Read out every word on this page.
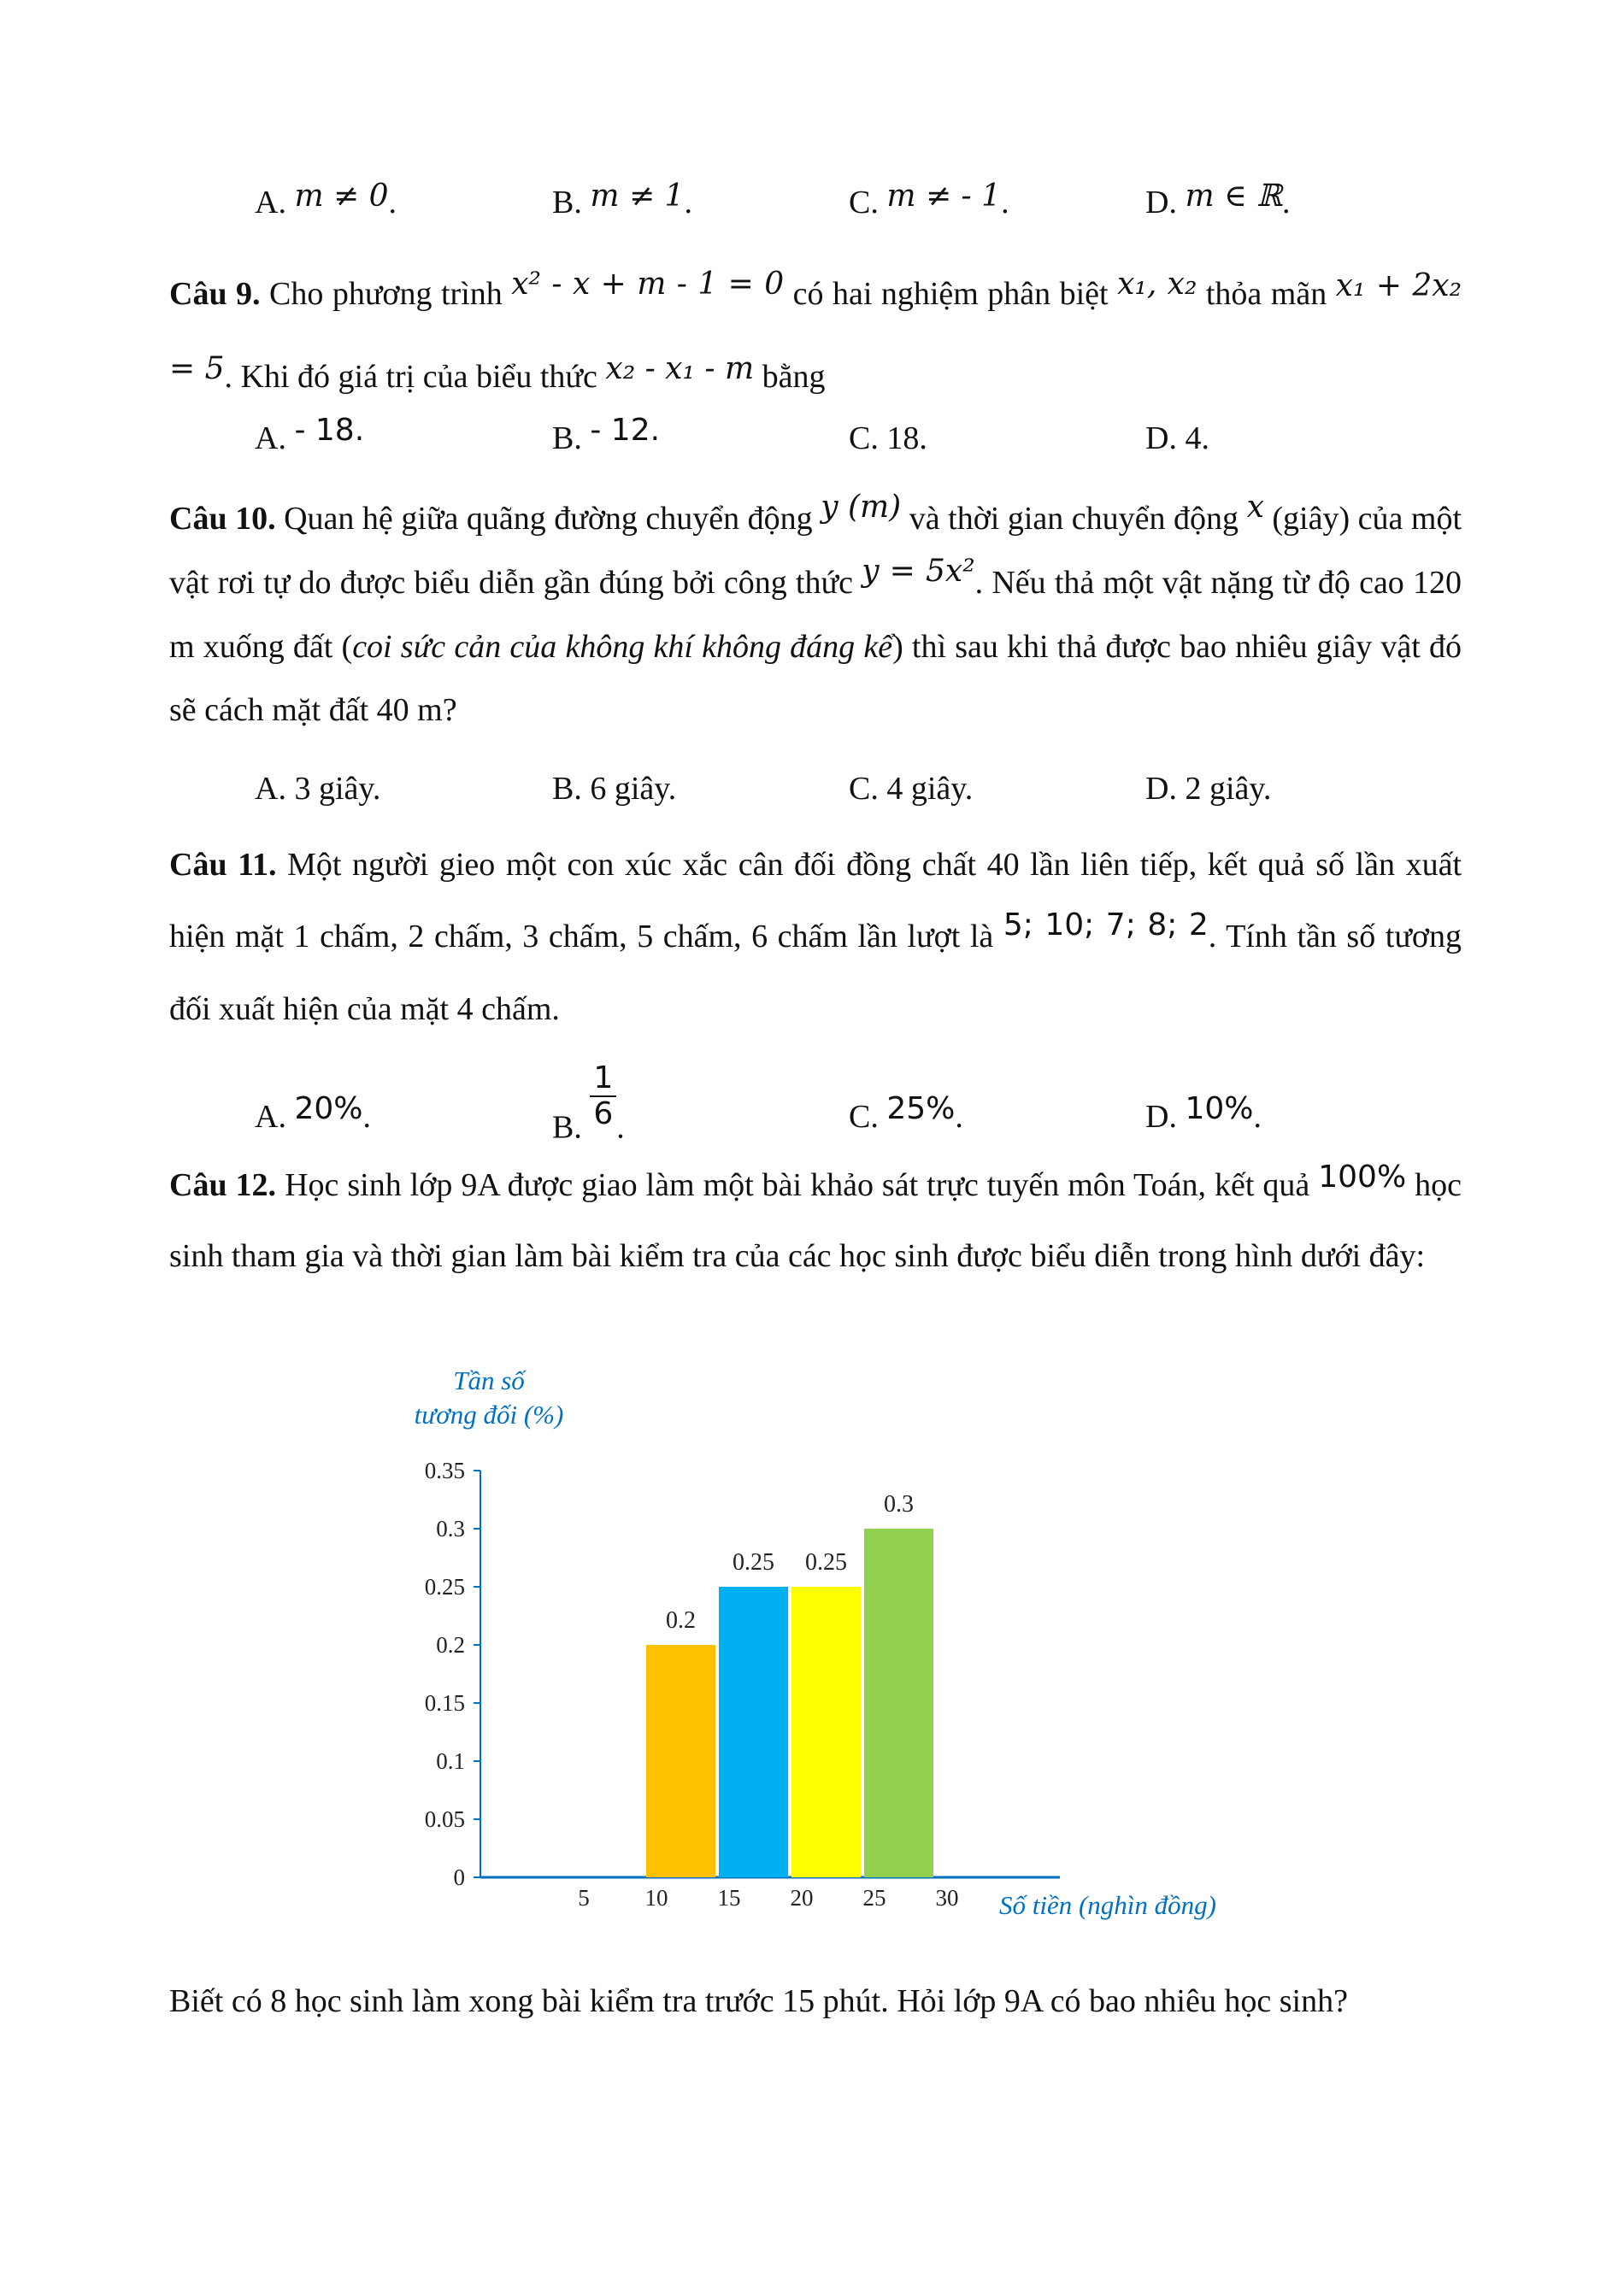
A. m ≠ 0.	B. m ≠ 1.	C. m ≠ - 1.	D. m ∈ ℝ.
Câu 9. Cho phương trình x² - x + m - 1 = 0 có hai nghiệm phân biệt x₁, x₂ thỏa mãn x₁ + 2x₂ = 5. Khi đó giá trị của biểu thức x₂ - x₁ - m bằng
A. - 18.	B. - 12.	C. 18.	D. 4.
Câu 10. Quan hệ giữa quãng đường chuyển động y (m) và thời gian chuyển động x (giây) của một vật rơi tự do được biểu diễn gần đúng bởi công thức y = 5x². Nếu thả một vật nặng từ độ cao 120 m xuống đất (coi sức cản của không khí không đáng kể) thì sau khi thả được bao nhiêu giây vật đó sẽ cách mặt đất 40 m?
A. 3 giây.	B. 6 giây.	C. 4 giây.	D. 2 giây.
Câu 11. Một người gieo một con xúc xắc cân đối đồng chất 40 lần liên tiếp, kết quả số lần xuất hiện mặt 1 chấm, 2 chấm, 3 chấm, 5 chấm, 6 chấm lần lượt là 5; 10; 7; 8; 2. Tính tần số tương đối xuất hiện của mặt 4 chấm.
A. 20%.	B. $\frac{1}{6}$ .	C. 25%.	D. 10%.
Câu 12. Học sinh lớp 9A được giao làm một bài khảo sát trực tuyến môn Toán, kết quả 100% học sinh tham gia và thời gian làm bài kiểm tra của các học sinh được biểu diễn trong hình dưới đây:
Tần số
tương đối (%)
Số tiền (nghìn đồng)
0
0.05
0.1
0.15
0.2
0.25
0.3
0.35
5 10 15 20 25 30
0.2
0.25 0.25
0.3
Biết có 8 học sinh làm xong bài kiểm tra trước 15 phút. Hỏi lớp 9A có bao nhiêu học sinh?
